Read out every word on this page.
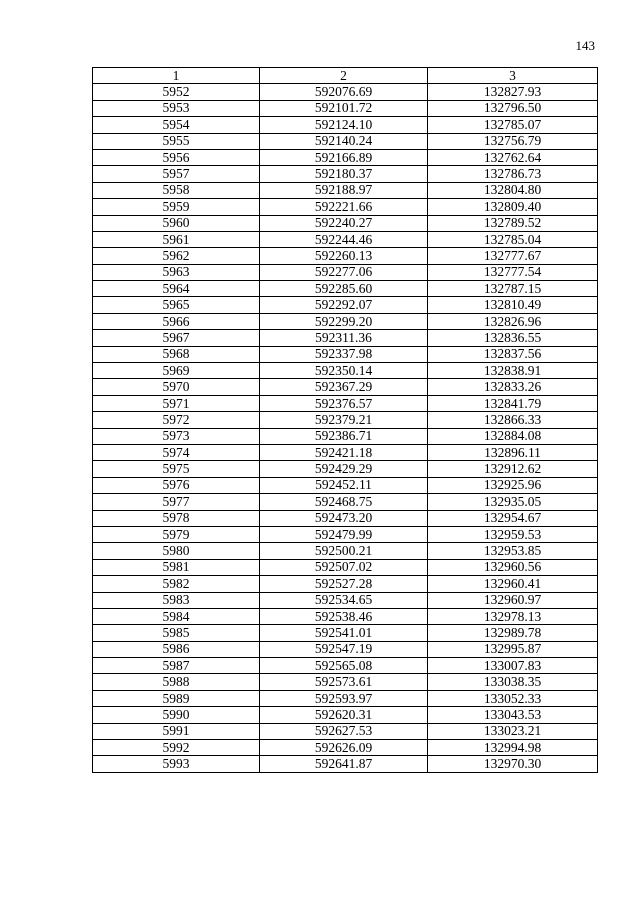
143
1	2	3
5952	592076.69	132827.93
5953	592101.72	132796.50
5954	592124.10	132785.07
5955	592140.24	132756.79
5956	592166.89	132762.64
5957	592180.37	132786.73
5958	592188.97	132804.80
5959	592221.66	132809.40
5960	592240.27	132789.52
5961	592244.46	132785.04
5962	592260.13	132777.67
5963	592277.06	132777.54
5964	592285.60	132787.15
5965	592292.07	132810.49
5966	592299.20	132826.96
5967	592311.36	132836.55
5968	592337.98	132837.56
5969	592350.14	132838.91
5970	592367.29	132833.26
5971	592376.57	132841.79
5972	592379.21	132866.33
5973	592386.71	132884.08
5974	592421.18	132896.11
5975	592429.29	132912.62
5976	592452.11	132925.96
5977	592468.75	132935.05
5978	592473.20	132954.67
5979	592479.99	132959.53
5980	592500.21	132953.85
5981	592507.02	132960.56
5982	592527.28	132960.41
5983	592534.65	132960.97
5984	592538.46	132978.13
5985	592541.01	132989.78
5986	592547.19	132995.87
5987	592565.08	133007.83
5988	592573.61	133038.35
5989	592593.97	133052.33
5990	592620.31	133043.53
5991	592627.53	133023.21
5992	592626.09	132994.98
5993	592641.87	132970.30
